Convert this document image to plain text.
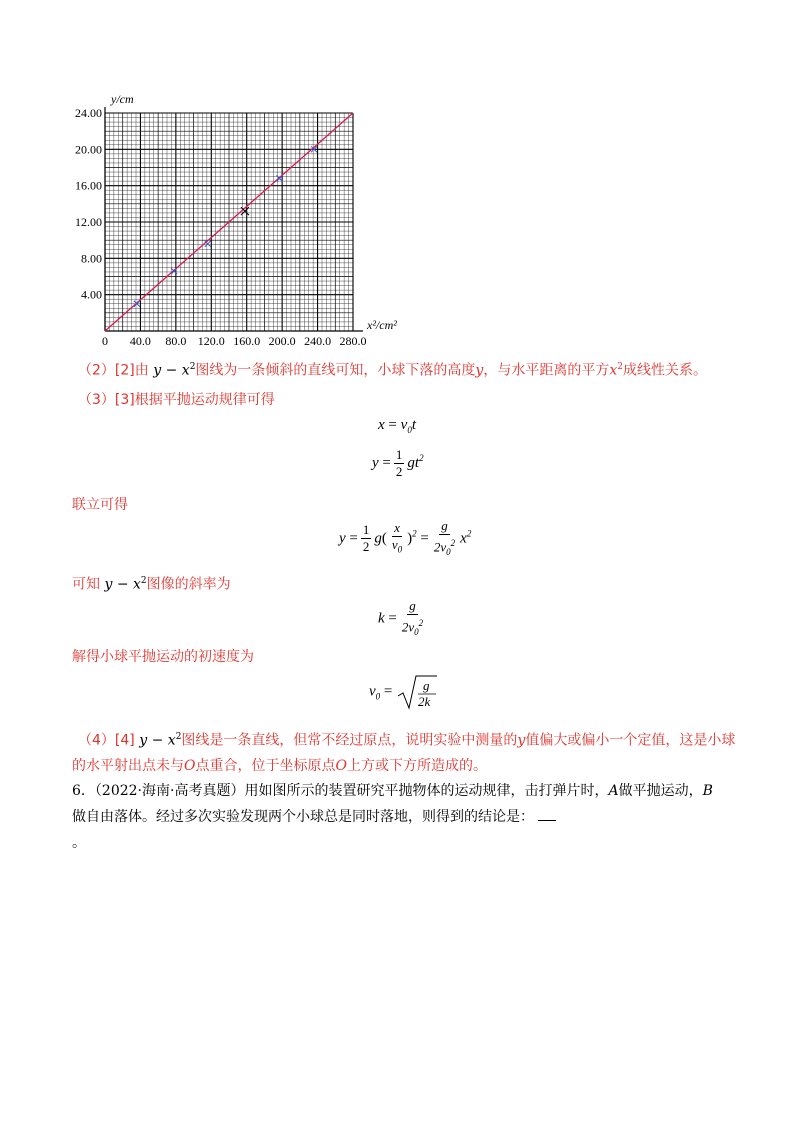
4.00
8.00
12.00
16.00
20.00
24.00
0 40.0 80.0 120.0 160.0 200.0 240.0 280.0
y/cm
x²/cm²
（2）[2]由 $y - x^2$图线为一条倾斜的直线可知，小球下落的高度y，与水平距离的平方$x^2$成线性关系。
（3）[3]根据平抛运动规律可得
$x = v_0t$
$y = \frac{1}{2} gt^2$
联立可得
$y = \frac{1}{2} g( \frac{x}{v_0} )^2 = \frac{g}{2v_0^2} x^2$
可知 $y - x^2$图像的斜率为
$k = \frac{g}{2v_0^2}$
解得小球平抛运动的初速度为
$v_0 = g$
2k
（4）[4] $y - x^2$图线是一条直线，但常不经过原点，说明实验中测量的y值偏大或偏小一个定值，这是小球
的水平射出点未与O点重合，位于坐标原点O上方或下方所造成的。
6．（2022·海南·高考真题）用如图所示的装置研究平抛物体的运动规律，击打弹片时，A做平抛运动，B
做自由落体。经过多次实验发现两个小球总是同时落地，则得到的结论是：
。
